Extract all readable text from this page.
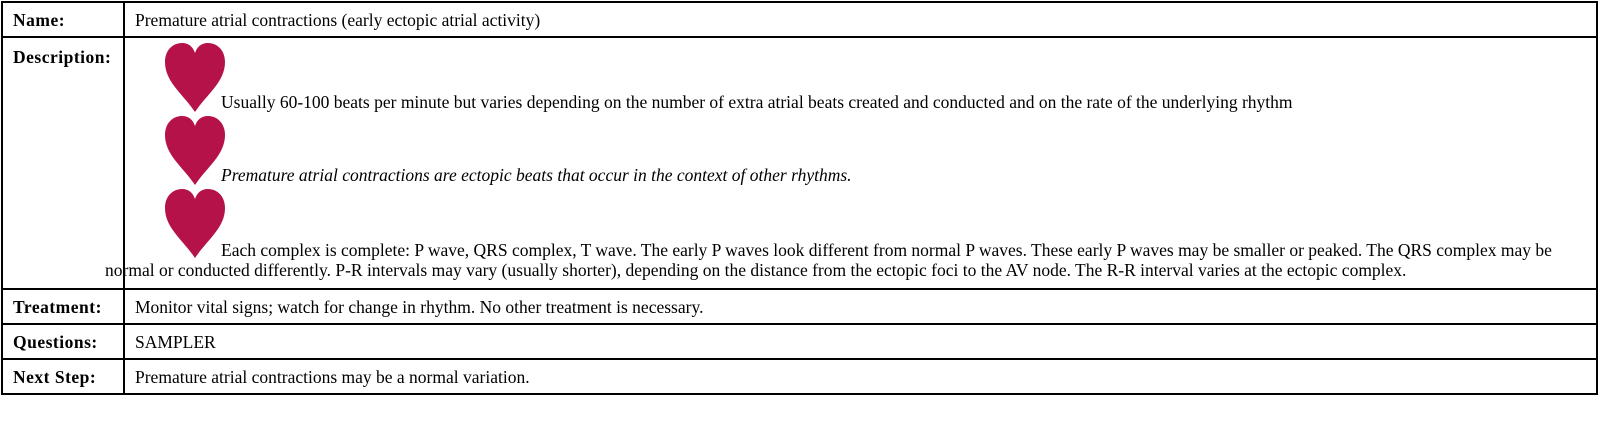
Name:	Premature atrial contractions (early ectopic atrial activity)
Description:	Usually 60-100 beats per minute but varies depending on the number of extra atrial beats created and conducted and on the rate of the underlying rhythm
Premature atrial contractions are ectopic beats that occur in the context of other rhythms.
Each complex is complete: P wave, QRS complex, T wave. The early P waves look different from normal P waves. These early P waves may be smaller or peaked. The QRS complex may be normal or conducted differently. P-R intervals may vary (usually shorter), depending on the distance from the ectopic foci to the AV node. The R-R interval varies at the ectopic complex.

Treatment:	Monitor vital signs; watch for change in rhythm. No other treatment is necessary.
Questions:	SAMPLER
Next Step:	Premature atrial contractions may be a normal variation.
